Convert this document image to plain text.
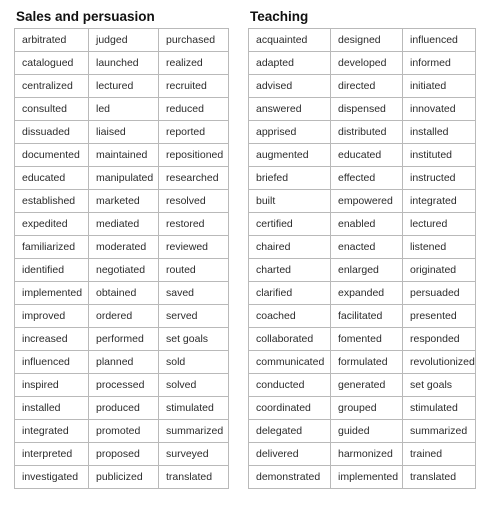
Sales and persuasion
arbitrated	judged	purchased
catalogued	launched	realized
centralized	lectured	recruited
consulted	led	reduced
dissuaded	liaised	reported
documented	maintained	repositioned
educated	manipulated	researched
established	marketed	resolved
expedited	mediated	restored
familiarized	moderated	reviewed
identified	negotiated	routed
implemented	obtained	saved
improved	ordered	served
increased	performed	set goals
influenced	planned	sold
inspired	processed	solved
installed	produced	stimulated
integrated	promoted	summarized
interpreted	proposed	surveyed
investigated	publicized	translated
Teaching
acquainted	designed	influenced
adapted	developed	informed
advised	directed	initiated
answered	dispensed	innovated
apprised	distributed	installed
augmented	educated	instituted
briefed	effected	instructed
built	empowered	integrated
certified	enabled	lectured
chaired	enacted	listened
charted	enlarged	originated
clarified	expanded	persuaded
coached	facilitated	presented
collaborated	fomented	responded
communicated	formulated	revolutionized
conducted	generated	set goals
coordinated	grouped	stimulated
delegated	guided	summarized
delivered	harmonized	trained
demonstrated	implemented	translated
